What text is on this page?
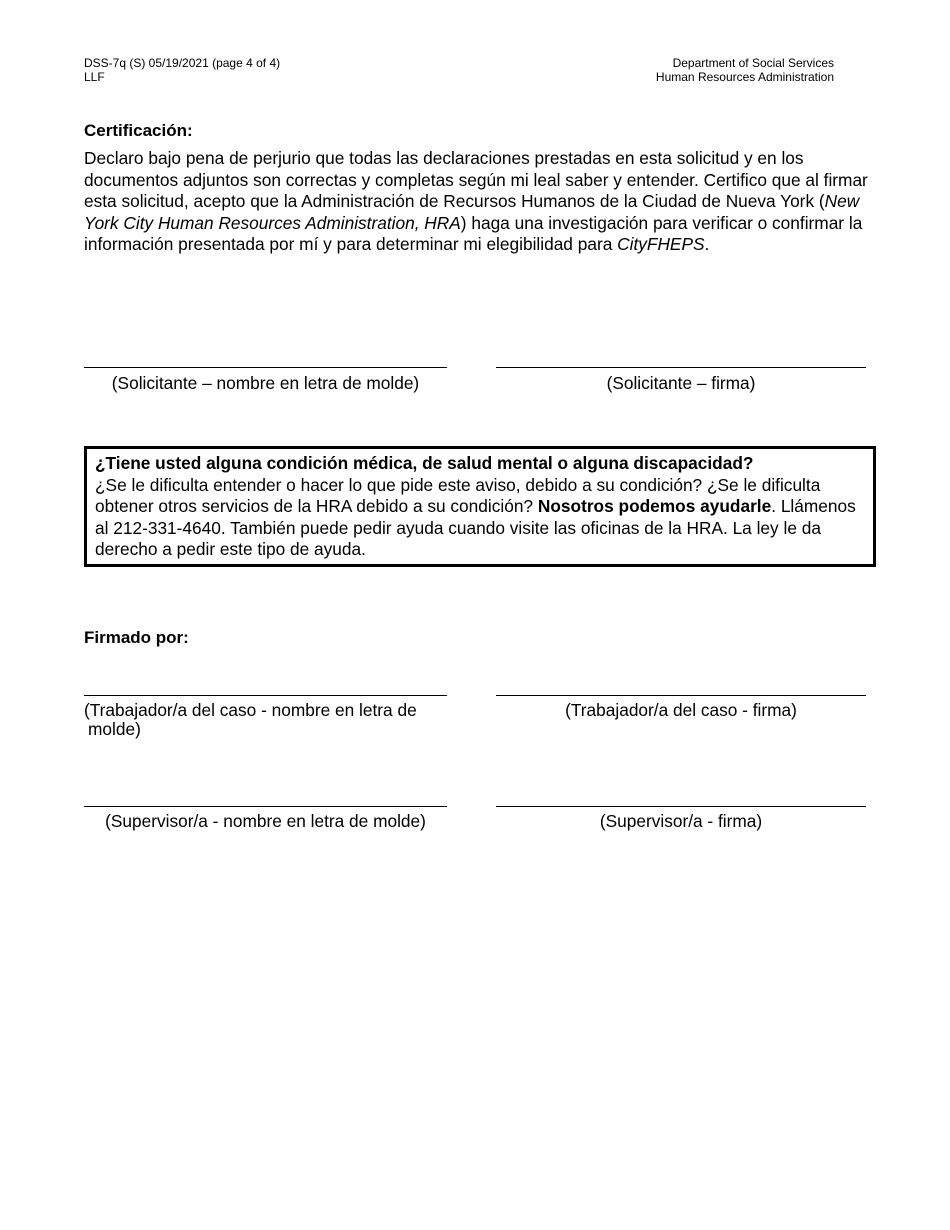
DSS-7q (S) 05/19/2021 (page 4 of 4)
LLF
Department of Social Services
Human Resources Administration
Certificación:
Declaro bajo pena de perjurio que todas las declaraciones prestadas en esta solicitud y en los documentos adjuntos son correctas y completas según mi leal saber y entender. Certifico que al firmar esta solicitud, acepto que la Administración de Recursos Humanos de la Ciudad de Nueva York (New York City Human Resources Administration, HRA) haga una investigación para verificar o confirmar la información presentada por mí y para determinar mi elegibilidad para CityFHEPS.
(Solicitante – nombre en letra de molde)	(Solicitante – firma)
¿Tiene usted alguna condición médica, de salud mental o alguna discapacidad?
¿Se le dificulta entender o hacer lo que pide este aviso, debido a su condición? ¿Se le dificulta obtener otros servicios de la HRA debido a su condición? Nosotros podemos ayudarle. Llámenos al 212-331-4640. También puede pedir ayuda cuando visite las oficinas de la HRA. La ley le da derecho a pedir este tipo de ayuda.
Firmado por:
(Trabajador/a del caso - nombre en letra de molde)
(Trabajador/a del caso - firma)
(Supervisor/a - nombre en letra de molde)	(Supervisor/a - firma)
